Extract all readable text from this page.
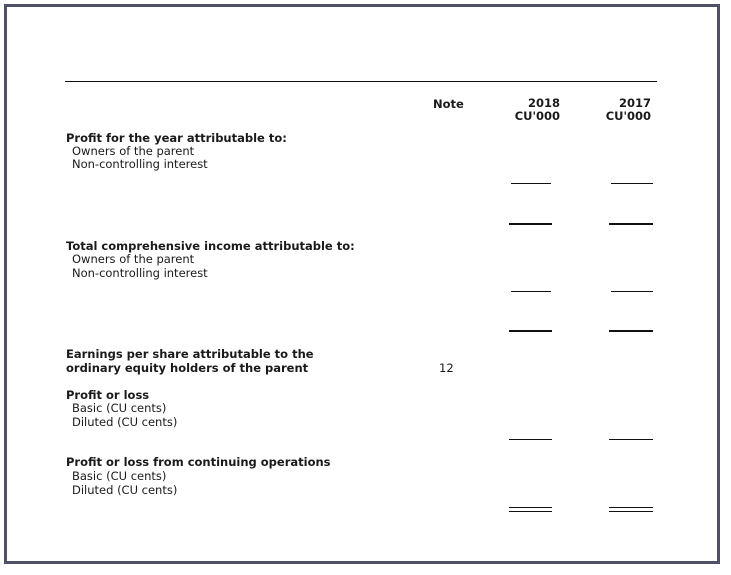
Note	2018
CU'000
2017
CU'000
Profit for the year attributable to:
Owners of the parent
Non-controlling interest
Total comprehensive income attributable to:
Owners of the parent
Non-controlling interest
Earnings per share attributable to the
ordinary equity holders of the parent	12
Profit or loss
Basic (CU cents)
Diluted (CU cents)
Profit or loss from continuing operations
Basic (CU cents)
Diluted (CU cents)
